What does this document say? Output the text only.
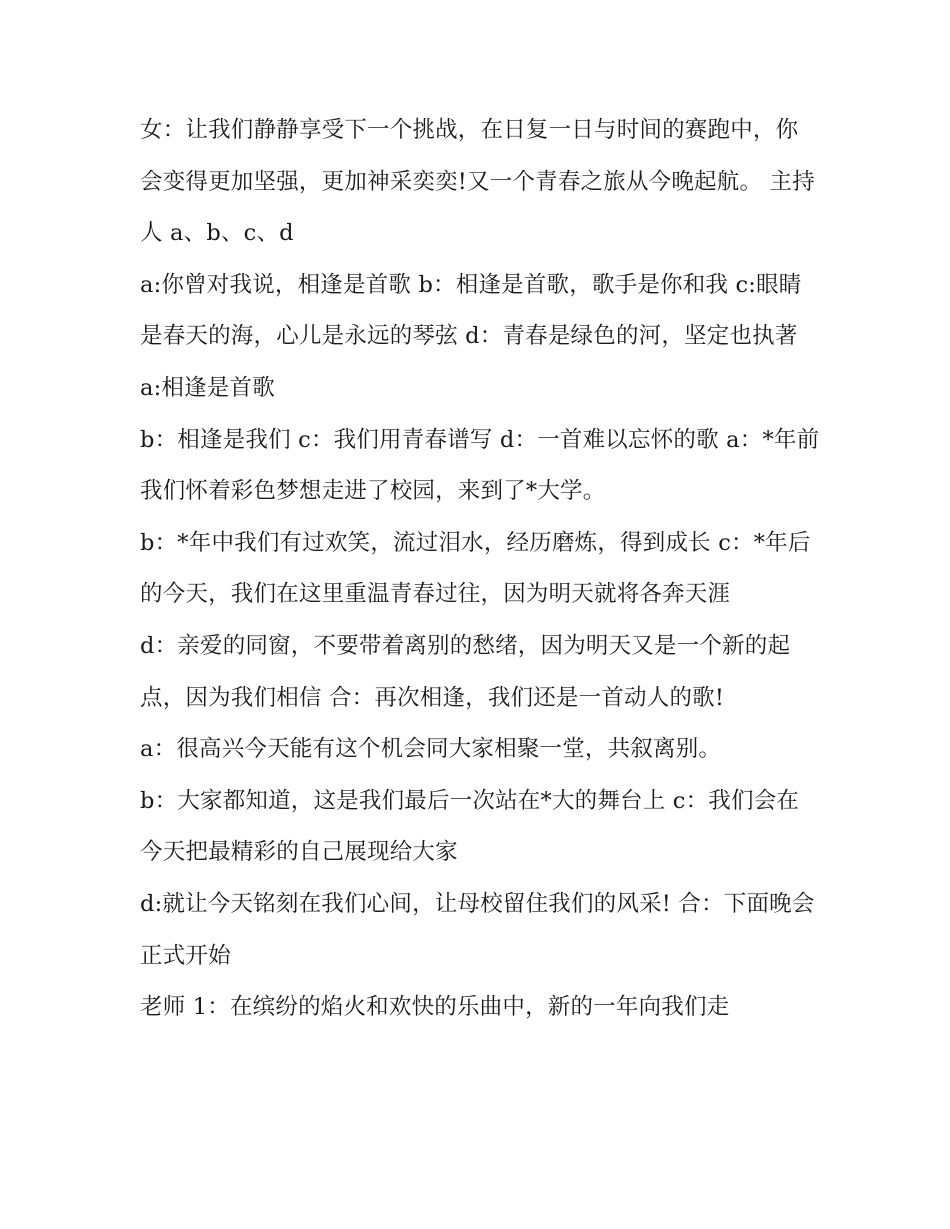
女：让我们静静享受下一个挑战，在日复一日与时间的赛跑中，你会变得更加坚强，更加神采奕奕!又一个青春之旅从今晚起航。 主持人 a、b、c、d

a:你曾对我说，相逢是首歌 b：相逢是首歌，歌手是你和我 c:眼睛是春天的海，心儿是永远的琴弦 d：青春是绿色的河，坚定也执著 a:相逢是首歌

b：相逢是我们 c：我们用青春谱写 d：一首难以忘怀的歌 a：*年前我们怀着彩色梦想走进了校园，来到了*大学。

b：*年中我们有过欢笑，流过泪水，经历磨炼，得到成长 c：*年后的今天，我们在这里重温青春过往，因为明天就将各奔天涯

d：亲爱的同窗，不要带着离别的愁绪，因为明天又是一个新的起点，因为我们相信 合：再次相逢，我们还是一首动人的歌!

a：很高兴今天能有这个机会同大家相聚一堂，共叙离别。

b：大家都知道，这是我们最后一次站在*大的舞台上 c：我们会在今天把最精彩的自己展现给大家

d:就让今天铭刻在我们心间，让母校留住我们的风采! 合：下面晚会正式开始

老师 1：在缤纷的焰火和欢快的乐曲中，新的一年向我们走
